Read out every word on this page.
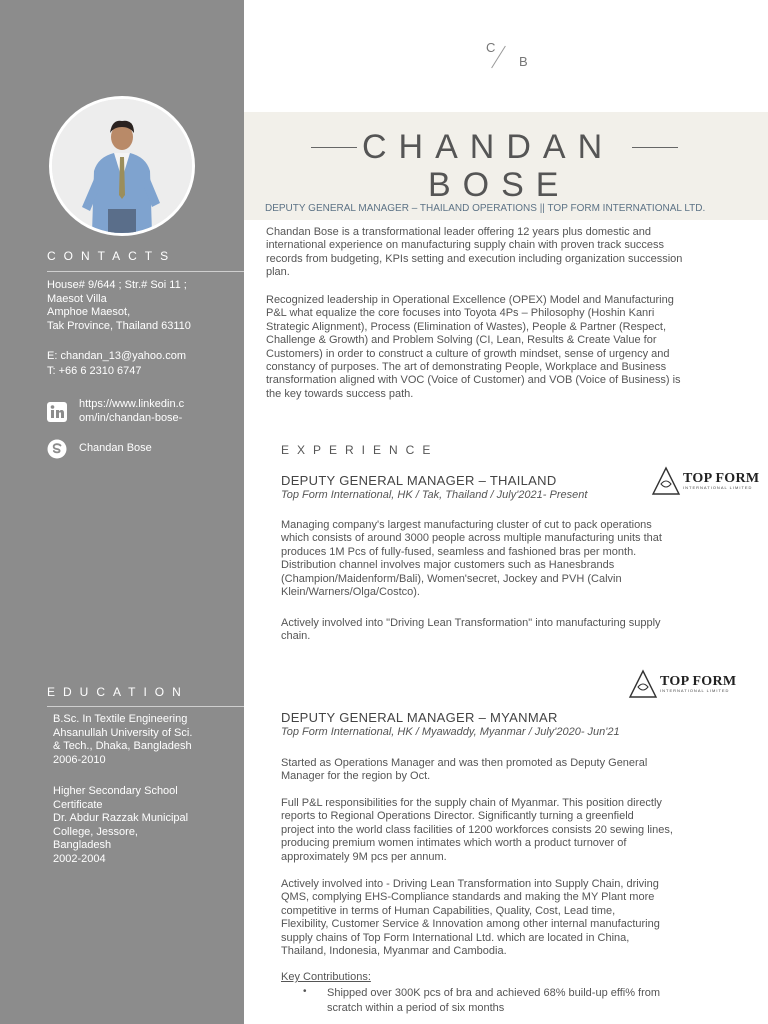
CONTACTS
House# 9/644 ; Str.# Soi 11 ;
Maesot Villa
Amphoe Maesot,
Tak Province, Thailand 63110
E: chandan_13@yahoo.com
T: +66 6 2310 6747
https://www.linkedin.c
om/in/chandan-bose-
Chandan Bose
EDUCATION
B.Sc. In Textile Engineering
Ahsanullah University of Sci.
& Tech., Dhaka, Bangladesh
2006-2010
Higher Secondary School
Certificate
Dr. Abdur Razzak Municipal
College, Jessore,
Bangladesh
2002-2004
C
B
CHANDAN
BOSE
DEPUTY GENERAL MANAGER – THAILAND OPERATIONS || TOP FORM INTERNATIONAL LTD.
Chandan Bose is a transformational leader offering 12 years plus domestic and
international experience on manufacturing supply chain with proven track success
records from budgeting, KPIs setting and execution including organization succession
plan.
Recognized leadership in Operational Excellence (OPEX) Model and Manufacturing
P&L what equalize the core focuses into Toyota 4Ps – Philosophy (Hoshin Kanri
Strategic Alignment), Process (Elimination of Wastes), People & Partner (Respect,
Challenge & Growth) and Problem Solving (CI, Lean, Results & Create Value for
Customers) in order to construct a culture of growth mindset, sense of urgency and
constancy of purposes. The art of demonstrating People, Workplace and Business
transformation aligned with VOC (Voice of Customer) and VOB (Voice of Business) is
the key towards success path.
EXPERIENCE
DEPUTY GENERAL MANAGER – THAILAND
Top Form International, HK / Tak, Thailand / July'2021- Present
TOP FORM
INTERNATIONAL LIMITED
Managing company's largest manufacturing cluster of cut to pack operations
which consists of around 3000 people across multiple manufacturing units that
produces 1M Pcs of fully-fused, seamless and fashioned bras per month.
Distribution channel involves major customers such as Hanesbrands
(Champion/Maidenform/Bali), Women'secret, Jockey and PVH (Calvin
Klein/Warners/Olga/Costco).
Actively involved into "Driving Lean Transformation" into manufacturing supply
chain.
TOP FORM
INTERNATIONAL LIMITED
DEPUTY GENERAL MANAGER – MYANMAR
Top Form International, HK / Myawaddy, Myanmar / July'2020- Jun'21
Started as Operations Manager and was then promoted as Deputy General
Manager for the region by Oct.
Full P&L responsibilities for the supply chain of Myanmar. This position directly
reports to Regional Operations Director. Significantly turning a greenfield
project into the world class facilities of 1200 workforces consists 20 sewing lines,
producing premium women intimates which worth a product turnover of
approximately 9M pcs per annum.
Actively involved into - Driving Lean Transformation into Supply Chain, driving
QMS, complying EHS-Compliance standards and making the MY Plant more
competitive in terms of Human Capabilities, Quality, Cost, Lead time,
Flexibility, Customer Service & Innovation among other internal manufacturing
supply chains of Top Form International Ltd. which are located in China,
Thailand, Indonesia, Myanmar and Cambodia.
Key Contributions:
• Shipped over 300K pcs of bra and achieved 68% build-up effi% from
scratch within a period of six months
